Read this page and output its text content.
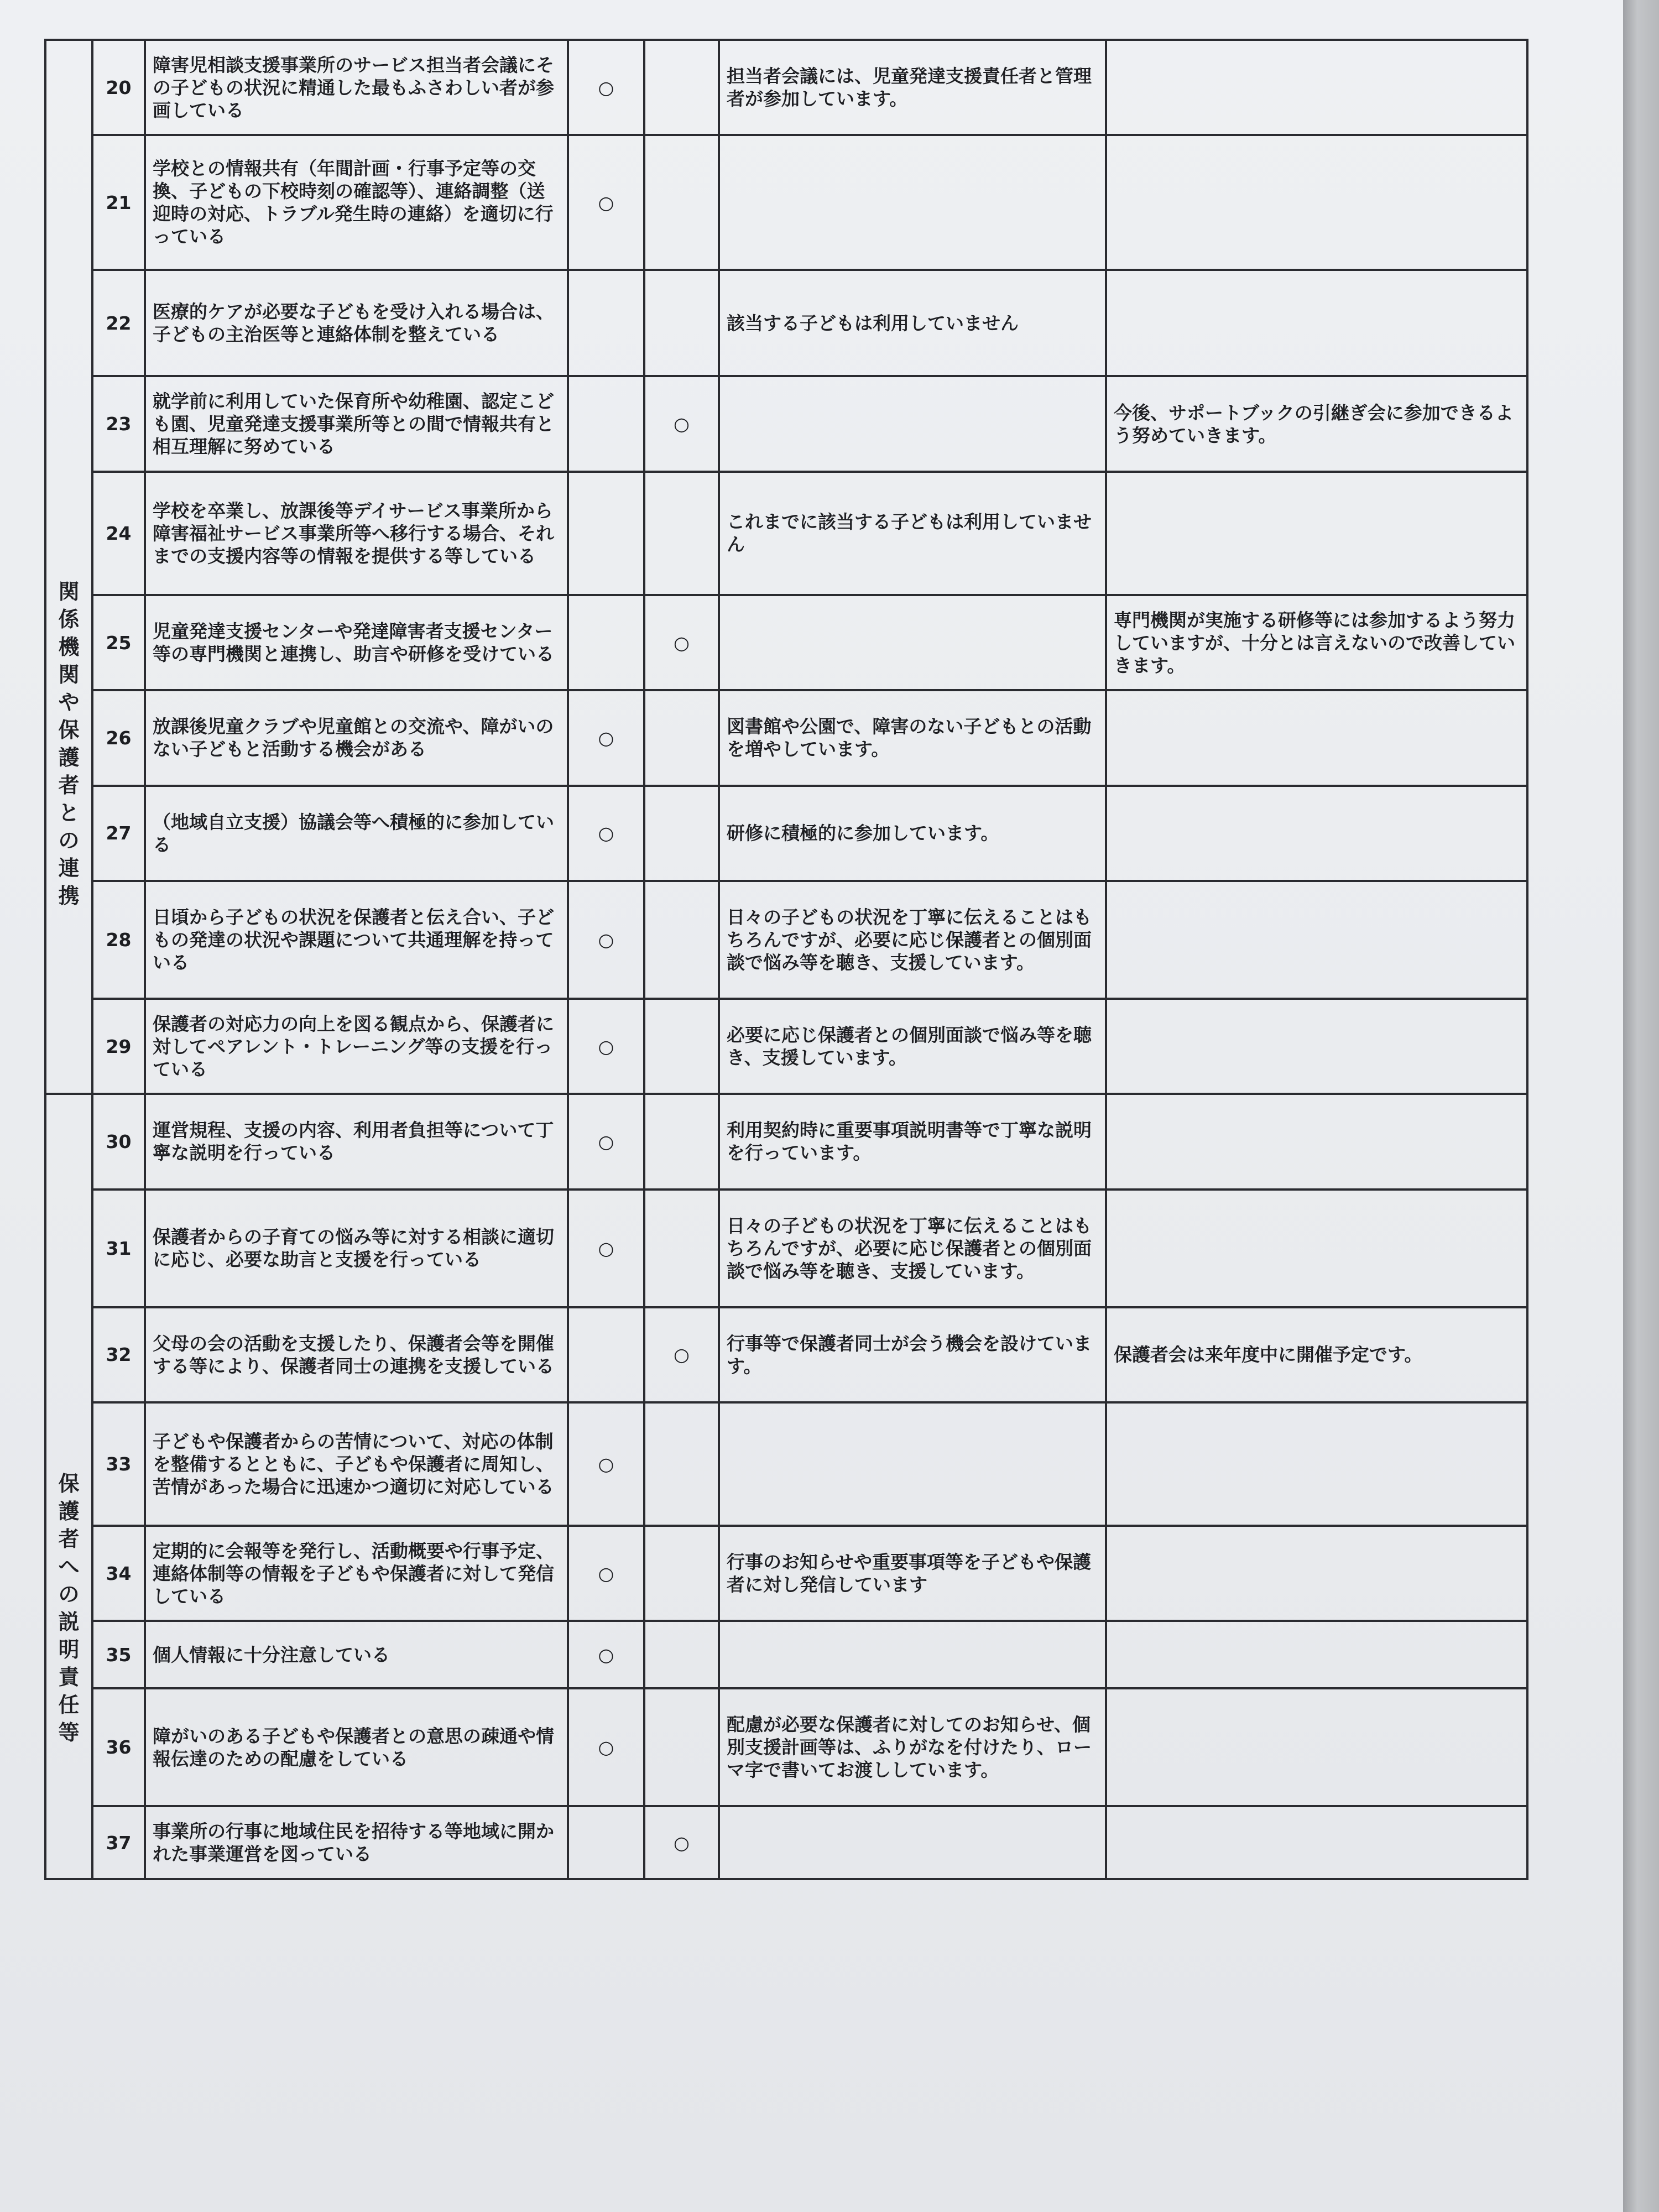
関係機関や保護者との連携	20	障害児相談支援事業所のサービス担当者会議にその子どもの状況に精通した最もふさわしい者が参画している	○		担当者会議には、児童発達支援責任者と管理者が参加しています。	
	21	学校との情報共有（年間計画・行事予定等の交換、子どもの下校時刻の確認等）、連絡調整（送迎時の対応、トラブル発生時の連絡）を適切に行っている	○			
	22	医療的ケアが必要な子どもを受け入れる場合は、子どもの主治医等と連絡体制を整えている			該当する子どもは利用していません	
	23	就学前に利用していた保育所や幼稚園、認定こども園、児童発達支援事業所等との間で情報共有と相互理解に努めている		○		今後、サポートブックの引継ぎ会に参加できるよう努めていきます。
	24	学校を卒業し、放課後等デイサービス事業所から障害福祉サービス事業所等へ移行する場合、それまでの支援内容等の情報を提供する等している			これまでに該当する子どもは利用していません	
	25	児童発達支援センターや発達障害者支援センター等の専門機関と連携し、助言や研修を受けている		○		専門機関が実施する研修等には参加するよう努力していますが、十分とは言えないので改善していきます。
	26	放課後児童クラブや児童館との交流や、障がいのない子どもと活動する機会がある	○		図書館や公園で、障害のない子どもとの活動を増やしています。	
	27	（地域自立支援）協議会等へ積極的に参加している	○		研修に積極的に参加しています。	
	28	日頃から子どもの状況を保護者と伝え合い、子どもの発達の状況や課題について共通理解を持っている	○		日々の子どもの状況を丁寧に伝えることはもちろんですが、必要に応じ保護者との個別面談で悩み等を聴き、支援しています。	
	29	保護者の対応力の向上を図る観点から、保護者に対してペアレント・トレーニング等の支援を行っている	○		必要に応じ保護者との個別面談で悩み等を聴き、支援しています。	

保護者への説明責任等	30	運営規程、支援の内容、利用者負担等について丁寧な説明を行っている	○		利用契約時に重要事項説明書等で丁寧な説明を行っています。	
	31	保護者からの子育ての悩み等に対する相談に適切に応じ、必要な助言と支援を行っている	○		日々の子どもの状況を丁寧に伝えることはもちろんですが、必要に応じ保護者との個別面談で悩み等を聴き、支援しています。	
	32	父母の会の活動を支援したり、保護者会等を開催する等により、保護者同士の連携を支援している		○	行事等で保護者同士が会う機会を設けています。	保護者会は来年度中に開催予定です。
	33	子どもや保護者からの苦情について、対応の体制を整備するとともに、子どもや保護者に周知し、苦情があった場合に迅速かつ適切に対応している	○			
	34	定期的に会報等を発行し、活動概要や行事予定、連絡体制等の情報を子どもや保護者に対して発信している	○		行事のお知らせや重要事項等を子どもや保護者に対し発信しています	
	35	個人情報に十分注意している	○			
	36	障がいのある子どもや保護者との意思の疎通や情報伝達のための配慮をしている	○		配慮が必要な保護者に対してのお知らせ、個別支援計画等は、ふりがなを付けたり、ローマ字で書いてお渡ししています。	
	37	事業所の行事に地域住民を招待する等地域に開かれた事業運営を図っている		○		
